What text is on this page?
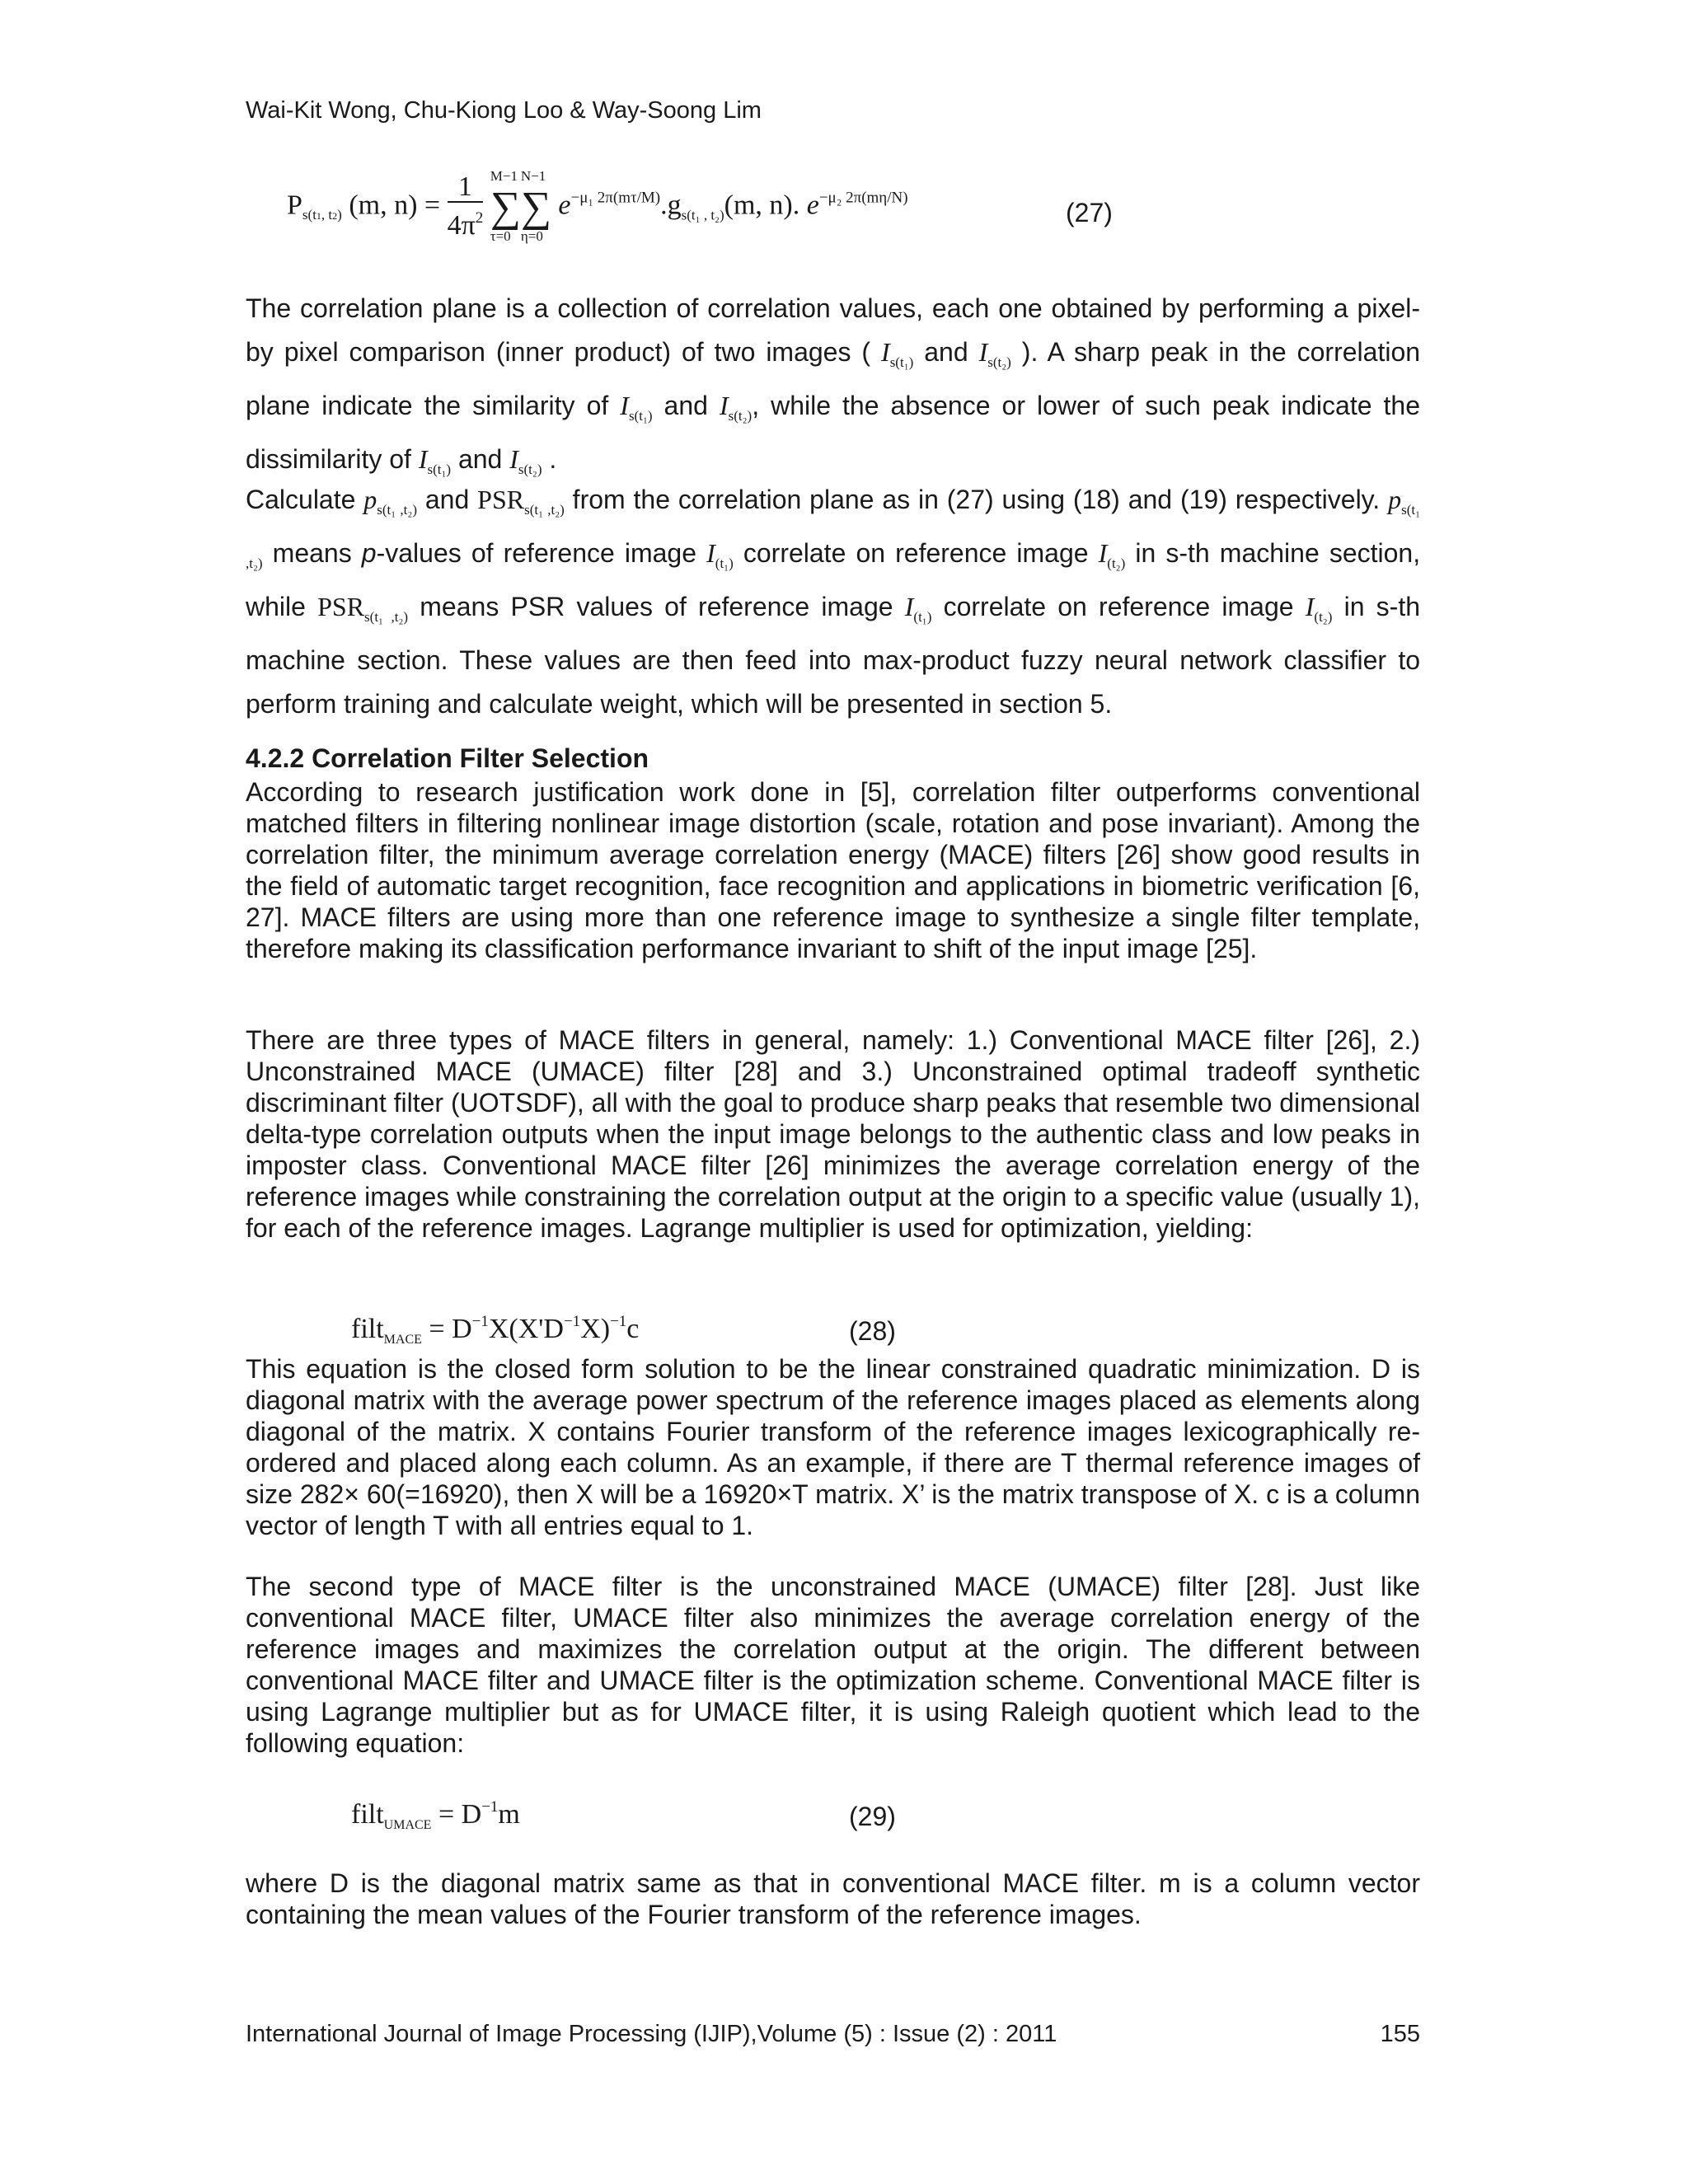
Wai-Kit Wong, Chu-Kiong Loo & Way-Soong Lim
$P_{s(t1, t2)}$ (m, $n) = \frac{1}{4\pi^2}$
M−1
∑
τ=0
N−1
∑
η=0
$e^{-\mu_1 2\pi(m\tau/M)}.g_{s(t_1 , t_2)}(m$, n). $e^{-\mu_2 2\pi(m\eta/N)}$
(27)

The correlation plane is a collection of correlation values, each one obtained by performing a pixel-by pixel comparison (inner product) of two images ( $I_{s(t_1)}$ and $I_{s(t_2)}$ ). A sharp peak in the correlation plane indicate the similarity of $I_{s(t_1)}$ and $I_{s(t_2)}$, while the absence or lower of such peak indicate the dissimilarity of $I_{s(t_1)}$ and $I_{s(t_2)}$ .

Calculate $p_{s(t_1 ,t_2)}$ and $PSR_{s(t_1 ,t_2)}$ from the correlation plane as in (27) using (18) and (19) respectively. $p_{s(t_1 ,t_2)}$ means p-values of reference image $I_{(t_1)}$ correlate on reference image $I_{(t_2)}$ in s-th machine section, while $PSR_{s(t_1 ,t_2)}$ means PSR values of reference image $I_{(t_1)}$ correlate on reference image $I_{(t_2)}$ in s-th machine section. These values are then feed into max-product fuzzy neural network classifier to perform training and calculate weight, which will be presented in section 5.

4.2.2 Correlation Filter Selection

According to research justification work done in [5], correlation filter outperforms conventional matched filters in filtering nonlinear image distortion (scale, rotation and pose invariant). Among the correlation filter, the minimum average correlation energy (MACE) filters [26] show good results in the field of automatic target recognition, face recognition and applications in biometric verification [6, 27]. MACE filters are using more than one reference image to synthesize a single filter template, therefore making its classification performance invariant to shift of the input image [25].

There are three types of MACE filters in general, namely: 1.) Conventional MACE filter [26], 2.) Unconstrained MACE (UMACE) filter [28] and 3.) Unconstrained optimal tradeoff synthetic discriminant filter (UOTSDF), all with the goal to produce sharp peaks that resemble two dimensional delta-type correlation outputs when the input image belongs to the authentic class and low peaks in imposter class. Conventional MACE filter [26] minimizes the average correlation energy of the reference images while constraining the correlation output at the origin to a specific value (usually 1), for each of the reference images. Lagrange multiplier is used for optimization, yielding:

filt$_{MACE}$ = $D^{-1}X(X'D^{-1}X)^{-1}c$	(28)

This equation is the closed form solution to be the linear constrained quadratic minimization. D is diagonal matrix with the average power spectrum of the reference images placed as elements along diagonal of the matrix. X contains Fourier transform of the reference images lexicographically re-ordered and placed along each column. As an example, if there are T thermal reference images of size 282× 60(=16920), then X will be a 16920×T matrix. X’ is the matrix transpose of X. c is a column vector of length T with all entries equal to 1.

The second type of MACE filter is the unconstrained MACE (UMACE) filter [28]. Just like conventional MACE filter, UMACE filter also minimizes the average correlation energy of the reference images and maximizes the correlation output at the origin. The different between conventional MACE filter and UMACE filter is the optimization scheme. Conventional MACE filter is using Lagrange multiplier but as for UMACE filter, it is using Raleigh quotient which lead to the following equation:

filt$_{UMACE}$ = $D^{-1}m$	(29)

where D is the diagonal matrix same as that in conventional MACE filter. m is a column vector containing the mean values of the Fourier transform of the reference images.

International Journal of Image Processing (IJIP),Volume (5) : Issue (2) : 2011	155
